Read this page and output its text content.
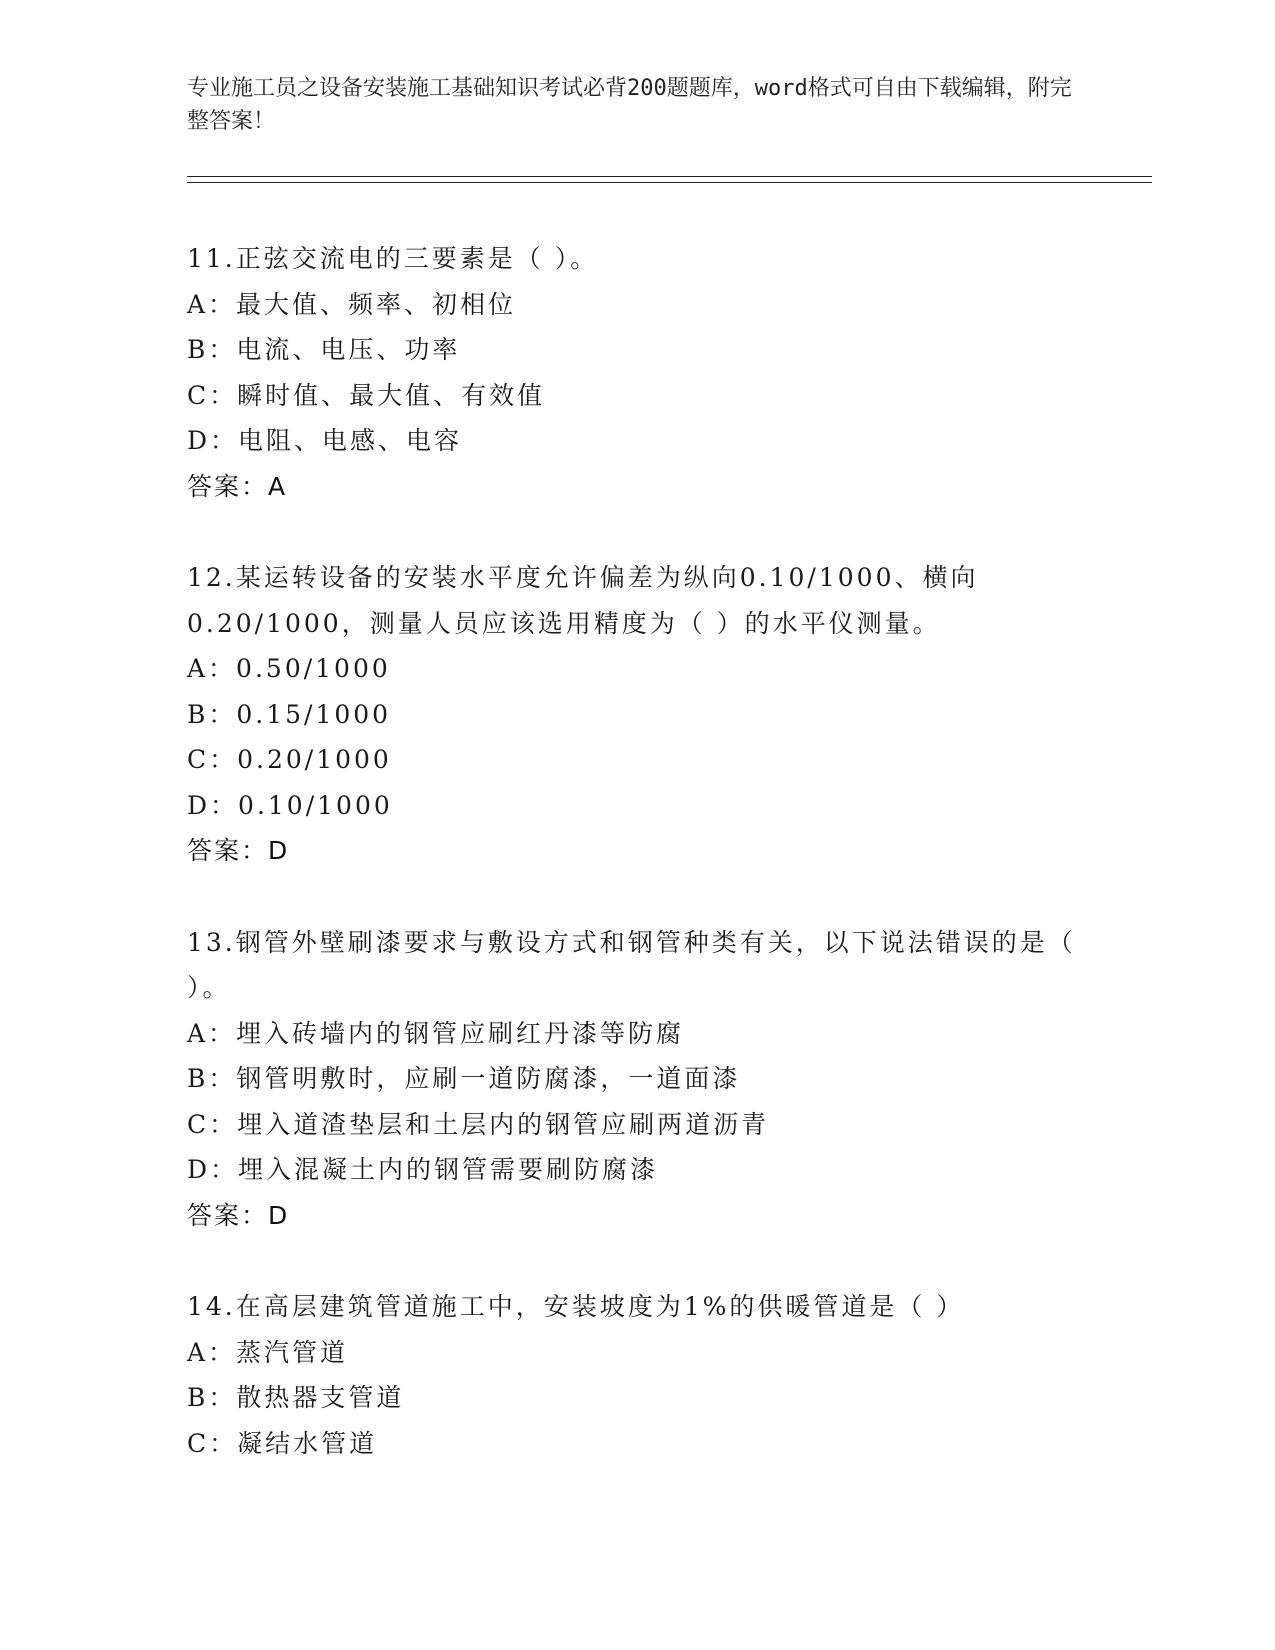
专业施工员之设备安装施工基础知识考试必背200题题库，word格式可自由下载编辑，附完整答案！
11.正弦交流电的三要素是（ ）。
A：最大值、频率、初相位
B：电流、电压、功率
C：瞬时值、最大值、有效值
D：电阻、电感、电容
答案：A
12.某运转设备的安装水平度允许偏差为纵向0.10/1000、横向0.20/1000，测量人员应该选用精度为（ ）的水平仪测量。
A：0.50/1000
B：0.15/1000
C：0.20/1000
D：0.10/1000
答案：D
13.钢管外壁刷漆要求与敷设方式和钢管种类有关，以下说法错误的是（ ）。
A：埋入砖墙内的钢管应刷红丹漆等防腐
B：钢管明敷时，应刷一道防腐漆，一道面漆
C：埋入道渣垫层和土层内的钢管应刷两道沥青
D：埋入混凝土内的钢管需要刷防腐漆
答案：D
14.在高层建筑管道施工中，安装坡度为1%的供暖管道是（ ）
A：蒸汽管道
B：散热器支管道
C：凝结水管道
